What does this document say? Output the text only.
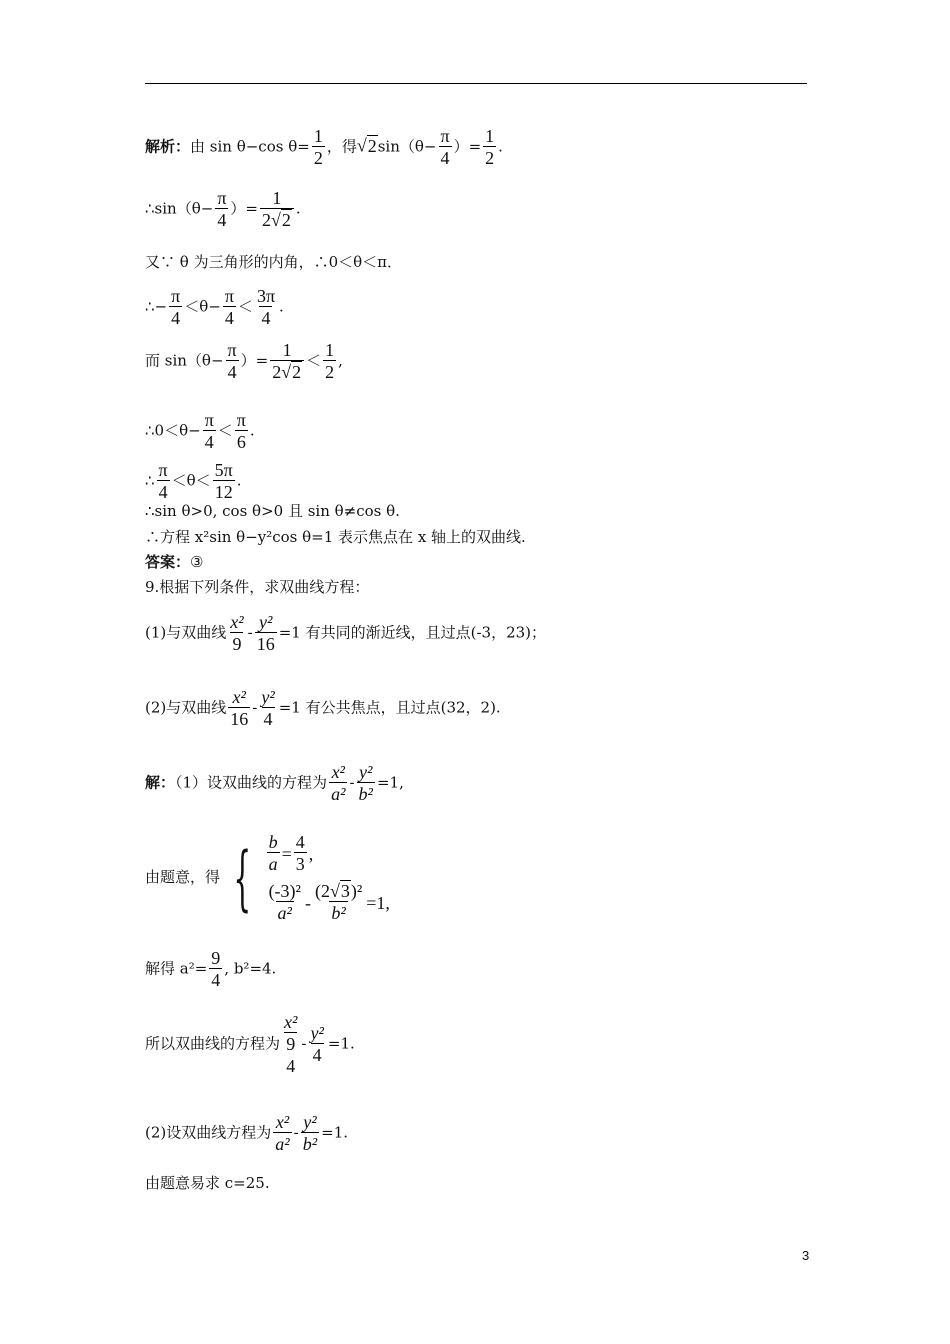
解析：由 sin θ−cos $\theta= \frac{1}{2}$ ，得$√2\sin(\theta- \frac{\pi}{4}$ ）= $\frac{1}{2}$ .
∴sin（θ− $\frac{\pi}{4}$ ）= $\frac{1}{2√2}$ .
又∵ θ 为三角形的内角，∴0＜θ＜π．
∴− $\frac{\pi}{4} <\theta- \frac{\pi}{4} < \frac{3\pi}{4}$ .
而 $\sin(\theta- \frac{\pi}{4}$ ）= $\frac{1}{2√2} < \frac{1}{2}$ ,
∴0＜θ− $\frac{\pi}{4} < \frac{\pi}{6}$ .
∴ $\frac{\pi}{4} <\theta< \frac{5\pi}{12}$ .
∴sin θ>0, cos θ>0 且 sin θ≠cos θ.
∴方程 x²sin θ−y²cos θ=1 表示焦点在 x 轴上的双曲线.
答案：③
9.根据下列条件，求双曲线方程：
(1)与双曲线 $\frac{\text{x²}}{9} - \frac{\text{y²}}{16} =1$ 有共同的渐近线，且过点(-3，23)；
(2)与双曲线 $\frac{\text{x²}}{16} - \frac{\text{y²}}{4} =1$ 有公共焦点，且过点(32，2).
解：（1）设双曲线的方程为 $\frac{\text{x²}}{\text{a²}} - \frac{\text{y²}}{\text{b²}} =1$,
由题意，得 { b
a
=
4
3
,
(-3)²
a²
-
(2√3)²
b²
=1,
解得 $a^2= \frac{9}{4}$ , b²=4.
所以双曲线的方程为
x²
9
4
- $\frac{\text{y²}}{4} =1$.
(2)设双曲线方程为 $\frac{\text{x²}}{\text{a²}} - \frac{\text{y²}}{\text{b²}} =1$.
由题意易求 c=25.
3
